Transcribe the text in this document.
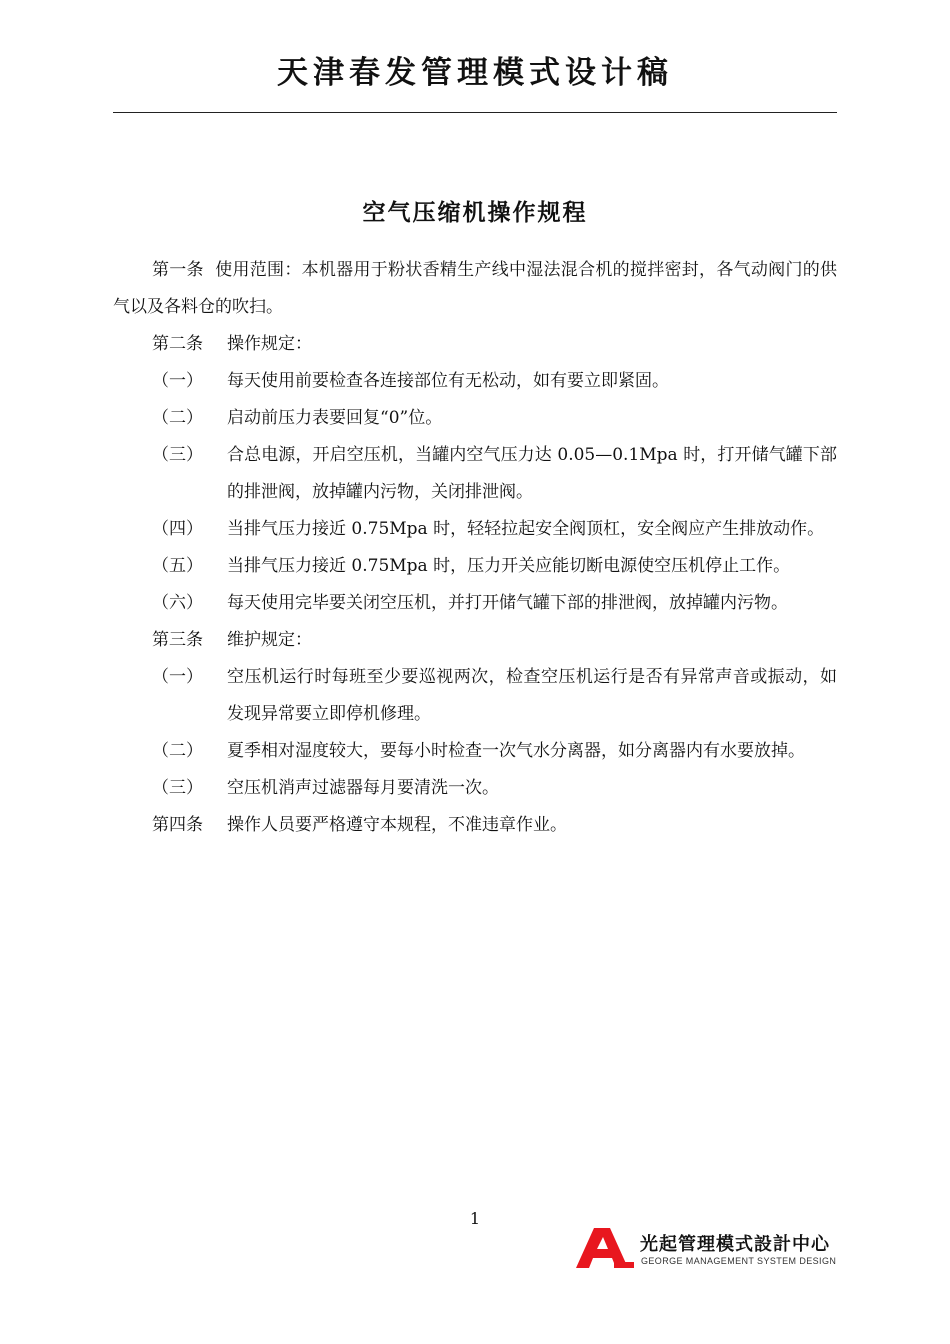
天津春发管理模式设计稿
空气压缩机操作规程

第一条 使用范围：本机器用于粉状香精生产线中湿法混合机的搅拌密封，各气动阀门的供气以及各料仓的吹扫。

第二条 操作规定：
（一）	每天使用前要检查各连接部位有无松动，如有要立即紧固。
（二）	启动前压力表要回复“0”位。
（三）	合总电源，开启空压机，当罐内空气压力达 0.05—0.1Mpa 时，打开储气罐下部的排泄阀，放掉罐内污物，关闭排泄阀。
（四）	当排气压力接近 0.75Mpa 时，轻轻拉起安全阀顶杠，安全阀应产生排放动作。
（五）	当排气压力接近 0.75Mpa 时，压力开关应能切断电源使空压机停止工作。
（六）	每天使用完毕要关闭空压机，并打开储气罐下部的排泄阀，放掉罐内污物。
第三条 维护规定：
（一）	空压机运行时每班至少要巡视两次，检查空压机运行是否有异常声音或振动，如发现异常要立即停机修理。
（二）	夏季相对湿度较大，要每小时检查一次气水分离器，如分离器内有水要放掉。
（三）	空压机消声过滤器每月要清洗一次。
第四条 操作人员要严格遵守本规程，不准违章作业。
1
光起管理模式設計中心
GEORGE MANAGEMENT SYSTEM DESIGN
